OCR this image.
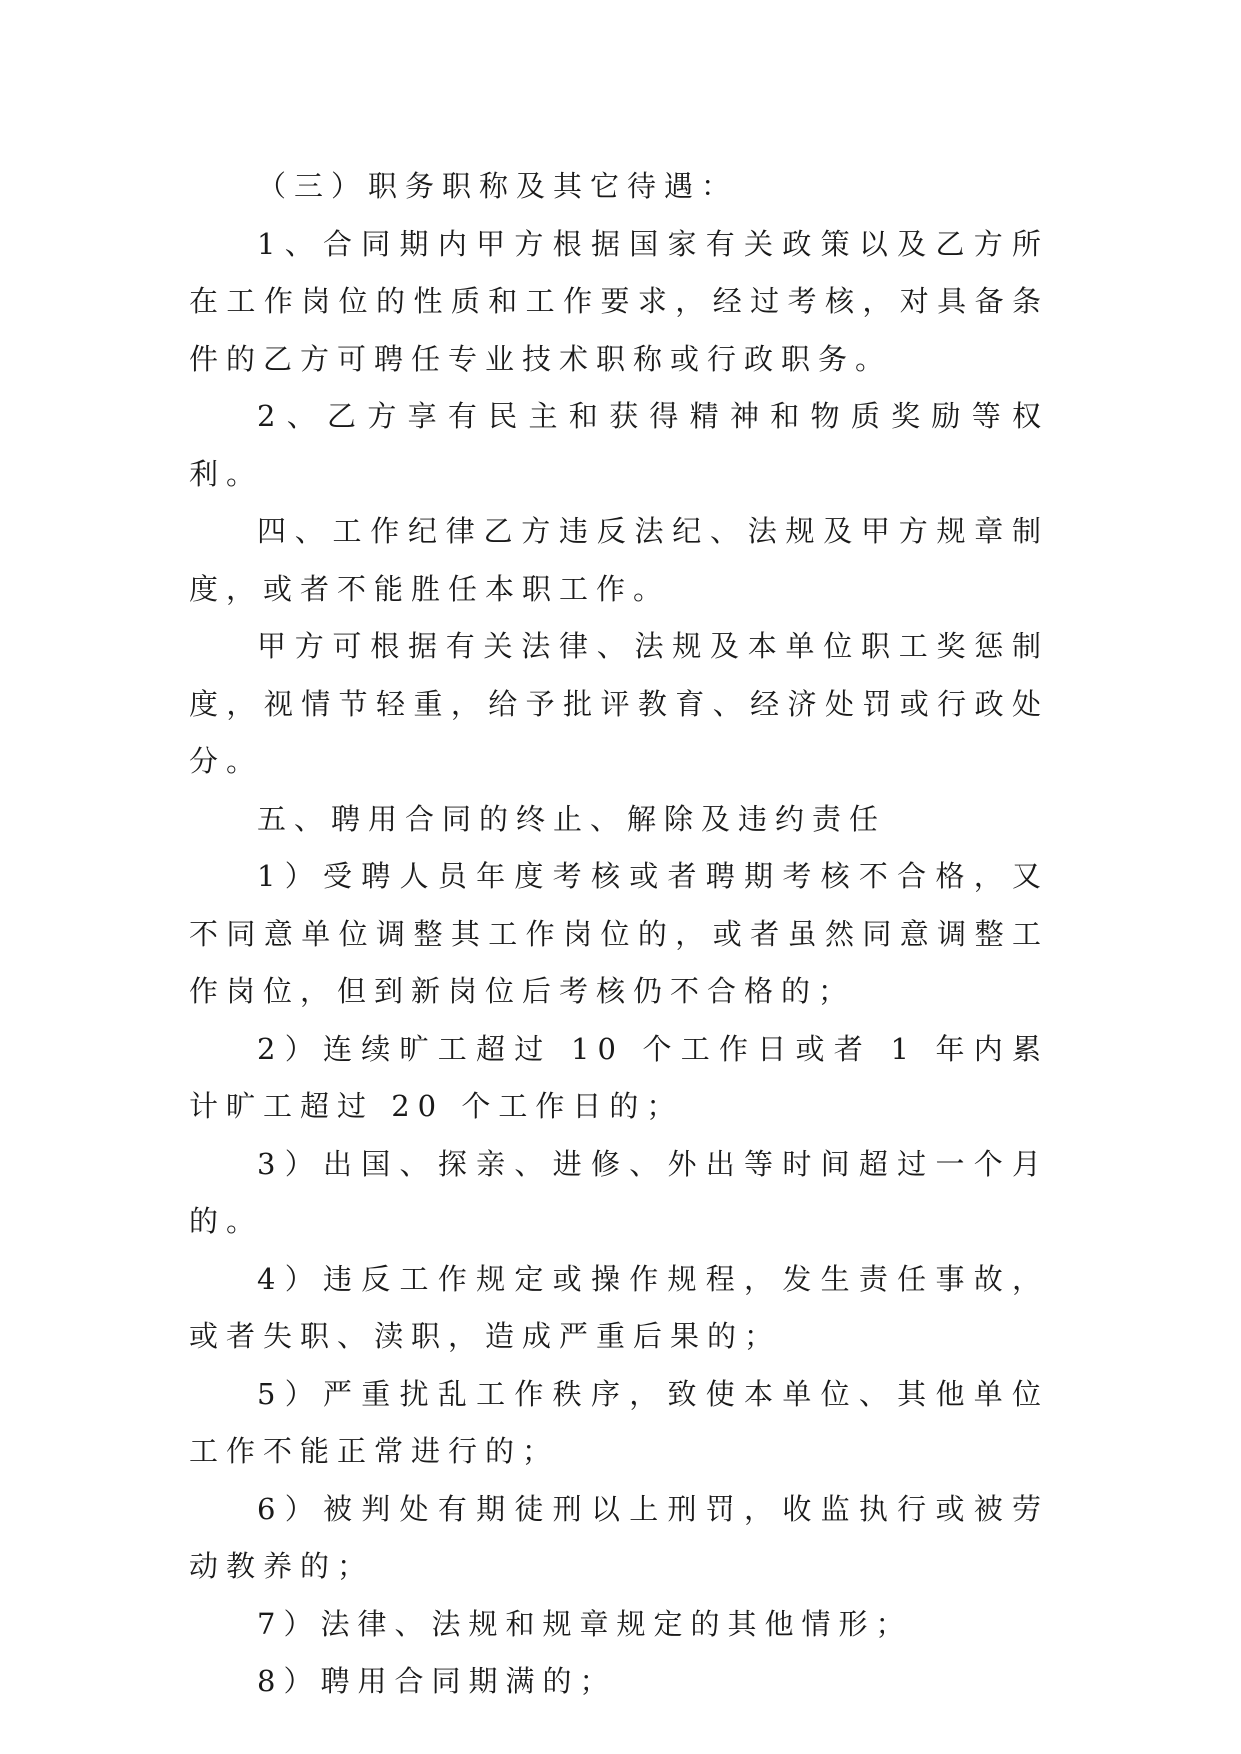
（三）职务职称及其它待遇：

1、合同期内甲方根据国家有关政策以及乙方所在工作岗位的性质和工作要求，经过考核，对具备条件的乙方可聘任专业技术职称或行政职务。

2、乙方享有民主和获得精神和物质奖励等权利。

四、工作纪律乙方违反法纪、法规及甲方规章制度，或者不能胜任本职工作。

甲方可根据有关法律、法规及本单位职工奖惩制度，视情节轻重，给予批评教育、经济处罚或行政处分。

五、聘用合同的终止、解除及违约责任

1）受聘人员年度考核或者聘期考核不合格，又不同意单位调整其工作岗位的，或者虽然同意调整工作岗位，但到新岗位后考核仍不合格的；

2）连续旷工超过 10 个工作日或者 1 年内累计旷工超过 20 个工作日的；

3）出国、探亲、进修、外出等时间超过一个月的。

4）违反工作规定或操作规程，发生责任事故，或者失职、渎职，造成严重后果的；

5）严重扰乱工作秩序，致使本单位、其他单位工作不能正常进行的；

6）被判处有期徒刑以上刑罚，收监执行或被劳动教养的；

7）法律、法规和规章规定的其他情形；

8）聘用合同期满的；
